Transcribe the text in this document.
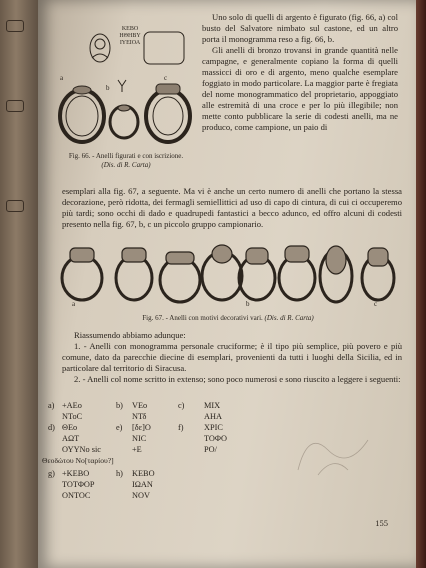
ΚΕΒΟ
ΗΘΗΒΥ
ΙΥΕΙΟΑ
a
b
c
Fig. 66. - Anelli figurati e con iscrizione.
(Dis. di R. Carta)

Uno solo di quelli di argento è figurato (fig. 66, a) col busto del Salvatore nimbato sul castone, ed un altro porta il monogramma reso a fig. 66, b.

Gli anelli di bronzo trovansi in grande quantità nelle campagne, e generalmente copiano la forma di quelli massicci di oro e di argento, meno qualche esemplare foggiato in modo particolare. La maggior parte è fregiata del nome monogrammatico del proprietario, appoggiato alle estremità di una croce e per lo più illegibile; non mette conto pubblicare la serie di codesti anelli, ma ne produco, come campione, un paio di

esemplari alla fig. 67, a seguente. Ma vi è anche un certo numero di anelli che portano la stessa decorazione, però ridotta, dei fermagli semiellittici ad uso di capo di cintura, di cui ci occuperemo più tardi; sono occhi di dado e quadrupedi fantastici a becco adunco, ed offro alcuni di codesti presento nella fig. 67, b, c un piccolo gruppo campionario.

a	b	c
Fig. 67. - Anelli con motivi decorativi vari. (Dis. di R. Carta)

Riassumendo abbiamo adunque:

1. - Anelli con monogramma personale cruciforme; è il tipo più semplice, più povero e più comune, dato da parecchie diecine di esemplari, provenienti da tutti i luoghi della Sicilia, ed in particolare dal territorio di Siracusa.

2. - Anelli col nome scritto in extenso; sono poco numerosi e sono riuscito a leggere i seguenti:

a) +ΑΕο
ΝΤοC
b) VΕο
ΝΤδ
c) ΜΙΧ
ΑΗΑ
d) ΘΕο
ΑΩΤ
ΟΥΥΝο sic
Θεοδώτου Νο[ταρίου?]
e) [δε]Ο
ΝΙC
+Ε
f) ΧΡΙC
ΤΟΦΟ
ΡΟ/
g) +ΚΕΒΟ
ΤΟΤΦΟΡ
ΟΝΤΟC
h) ΚΕΒΟ
ΙΩΑΝ
ΝΟV
155
